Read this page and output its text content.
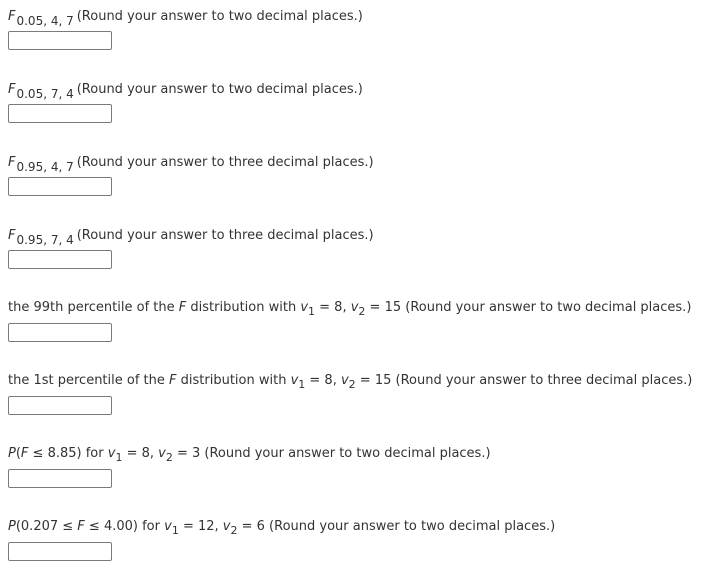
F0.05, 4, 7 (Round your answer to two decimal places.)
F0.05, 7, 4 (Round your answer to two decimal places.)
F0.95, 4, 7 (Round your answer to three decimal places.)
F0.95, 7, 4 (Round your answer to three decimal places.)
the 99th percentile of the F distribution with $v_1 = 8$, $v_2 = 15$ (Round your answer to two decimal places.)
the 1st percentile of the F distribution with $v_1 = 8$, $v_2 = 15$ (Round your answer to three decimal places.)
P(F ≤ 8.85) for $v_1 = 8$, $v_2 = 3$ (Round your answer to two decimal places.)
P(0.207 ≤ F ≤ 4.00) for $v_1 = 12$, $v_2 = 6$ (Round your answer to two decimal places.)
